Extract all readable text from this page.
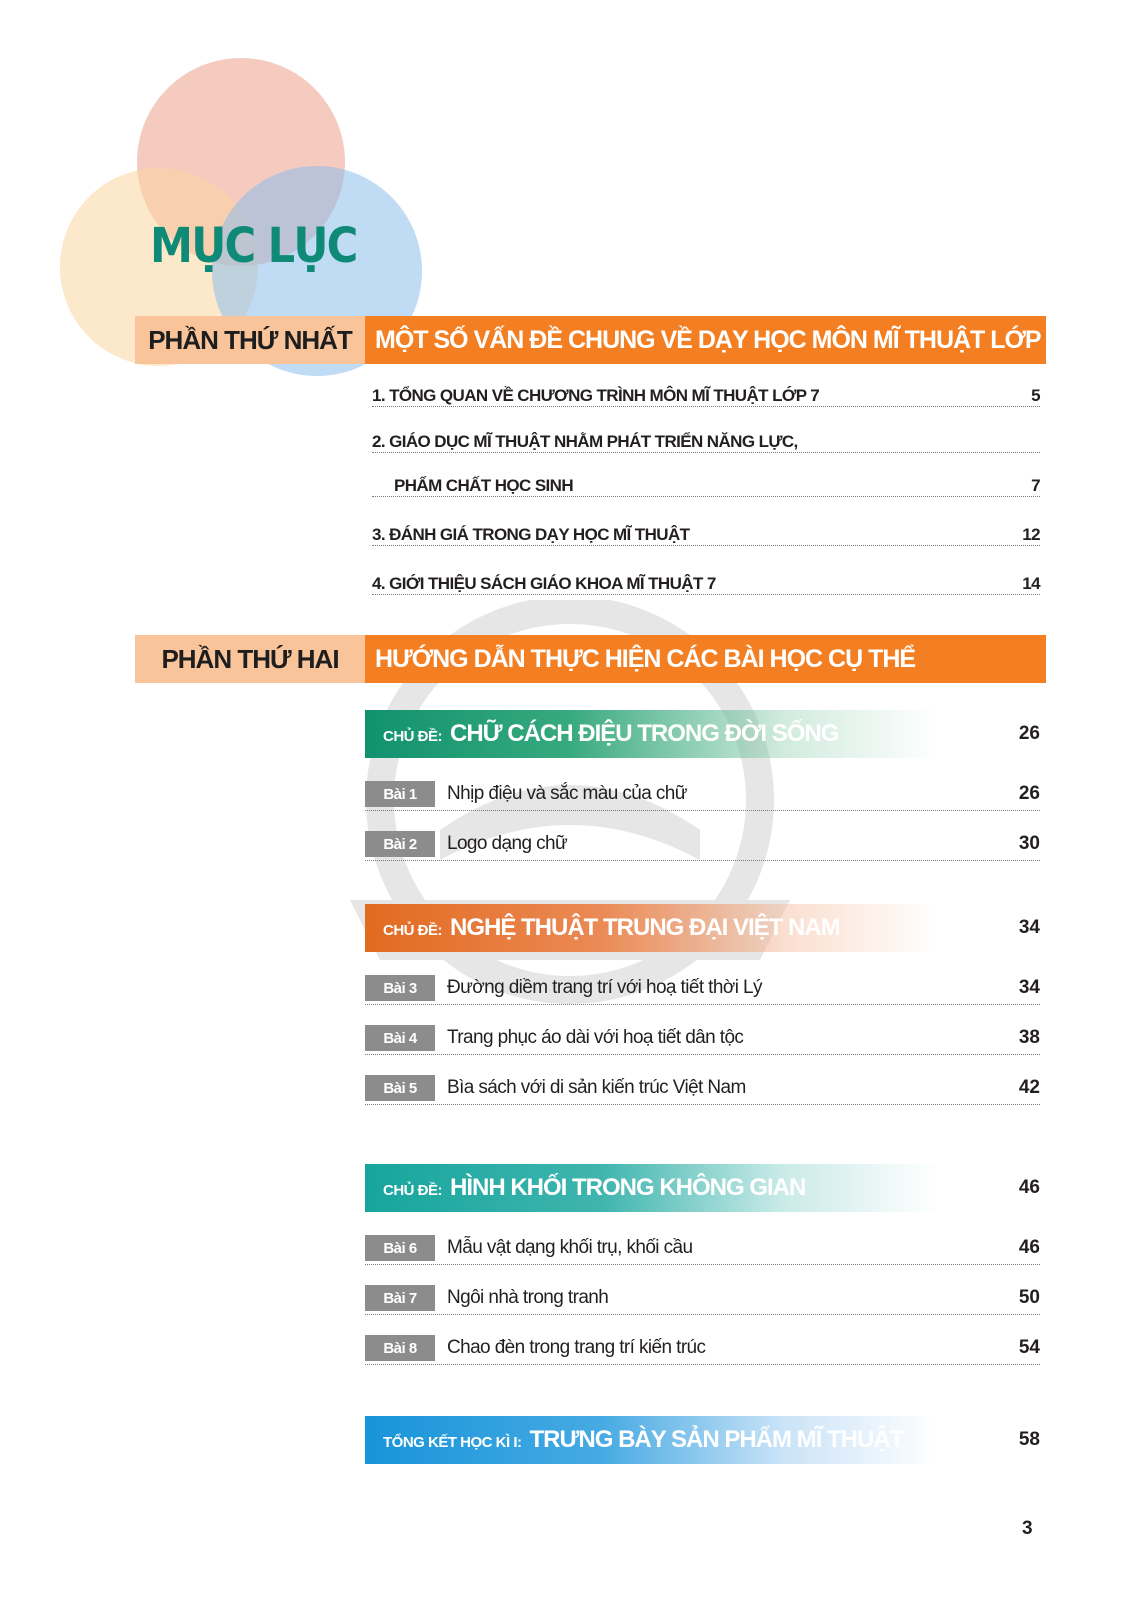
MỤC LỤC
PHẦN THỨ NHẤT MỘT SỐ VẤN ĐỀ CHUNG VỀ DẠY HỌC MÔN MĨ THUẬT LỚP 7
1. TỔNG QUAN VỀ CHƯƠNG TRÌNH MÔN MĨ THUẬT LỚP 7	5
2. GIÁO DỤC MĨ THUẬT NHẰM PHÁT TRIỂN NĂNG LỰC,
PHẨM CHẤT HỌC SINH	7
3. ĐÁNH GIÁ TRONG DẠY HỌC MĨ THUẬT	12
4. GIỚI THIỆU SÁCH GIÁO KHOA MĨ THUẬT 7	14
PHẦN THỨ HAI	HƯỚNG DẪN THỰC HIỆN CÁC BÀI HỌC CỤ THỂ
CHỦ ĐỀ: CHỮ CÁCH ĐIỆU TRONG ĐỜI SỐNG	26
Bài 1	Nhịp điệu và sắc màu của chữ	26
Bài 2	Logo dạng chữ	30
CHỦ ĐỀ: NGHỆ THUẬT TRUNG ĐẠI VIỆT NAM	34
Bài 3	Đường diềm trang trí với hoạ tiết thời Lý	34
Bài 4	Trang phục áo dài với hoạ tiết dân tộc	38
Bài 5	Bìa sách với di sản kiến trúc Việt Nam	42
CHỦ ĐỀ: HÌNH KHỐI TRONG KHÔNG GIAN	46
Bài 6	Mẫu vật dạng khối trụ, khối cầu	46
Bài 7	Ngôi nhà trong tranh	50
Bài 8	Chao đèn trong trang trí kiến trúc	54
TỔNG KẾT HỌC KÌ I: TRƯNG BÀY SẢN PHẨM MĨ THUẬT	58
3
